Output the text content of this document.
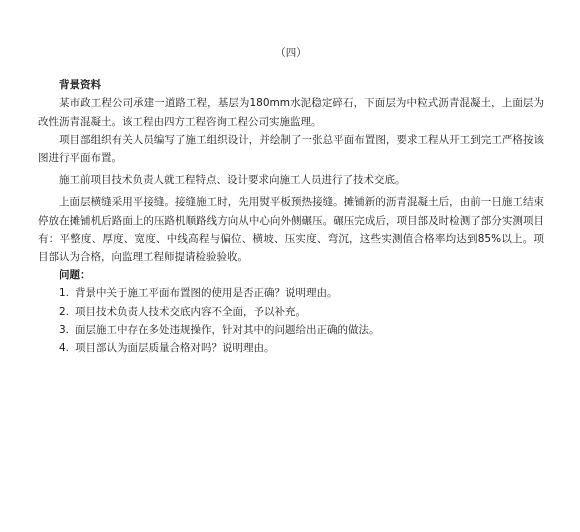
（四）
背景资料

某市政工程公司承建一道路工程，基层为180mm水泥稳定碎石，下面层为中粒式沥青混凝土，上面层为改性沥青混凝土。该工程由四方工程咨询工程公司实施监理。

项目部组织有关人员编写了施工组织设计，并绘制了一张总平面布置图，要求工程从开工到完工严格按该图进行平面布置。

施工前项目技术负责人就工程特点、设计要求向施工人员进行了技术交底。

上面层横缝采用平接缝。接缝施工时，先用熨平板预热接缝。摊铺新的沥青混凝土后，由前一日施工结束停放在摊铺机后路面上的压路机顺路线方向从中心向外侧碾压。碾压完成后，项目部及时检测了部分实测项目有：平整度、厚度、宽度、中线高程与偏位、横坡、压实度、弯沉，这些实测值合格率均达到85%以上。项目部认为合格，向监理工程师提请检验验收。

问题：
1. 背景中关于施工平面布置图的使用是否正确？说明理由。
2. 项目技术负责人技术交底内容不全面，予以补充。
3. 面层施工中存在多处违规操作，针对其中的问题给出正确的做法。
4. 项目部认为面层质量合格对吗？说明理由。
